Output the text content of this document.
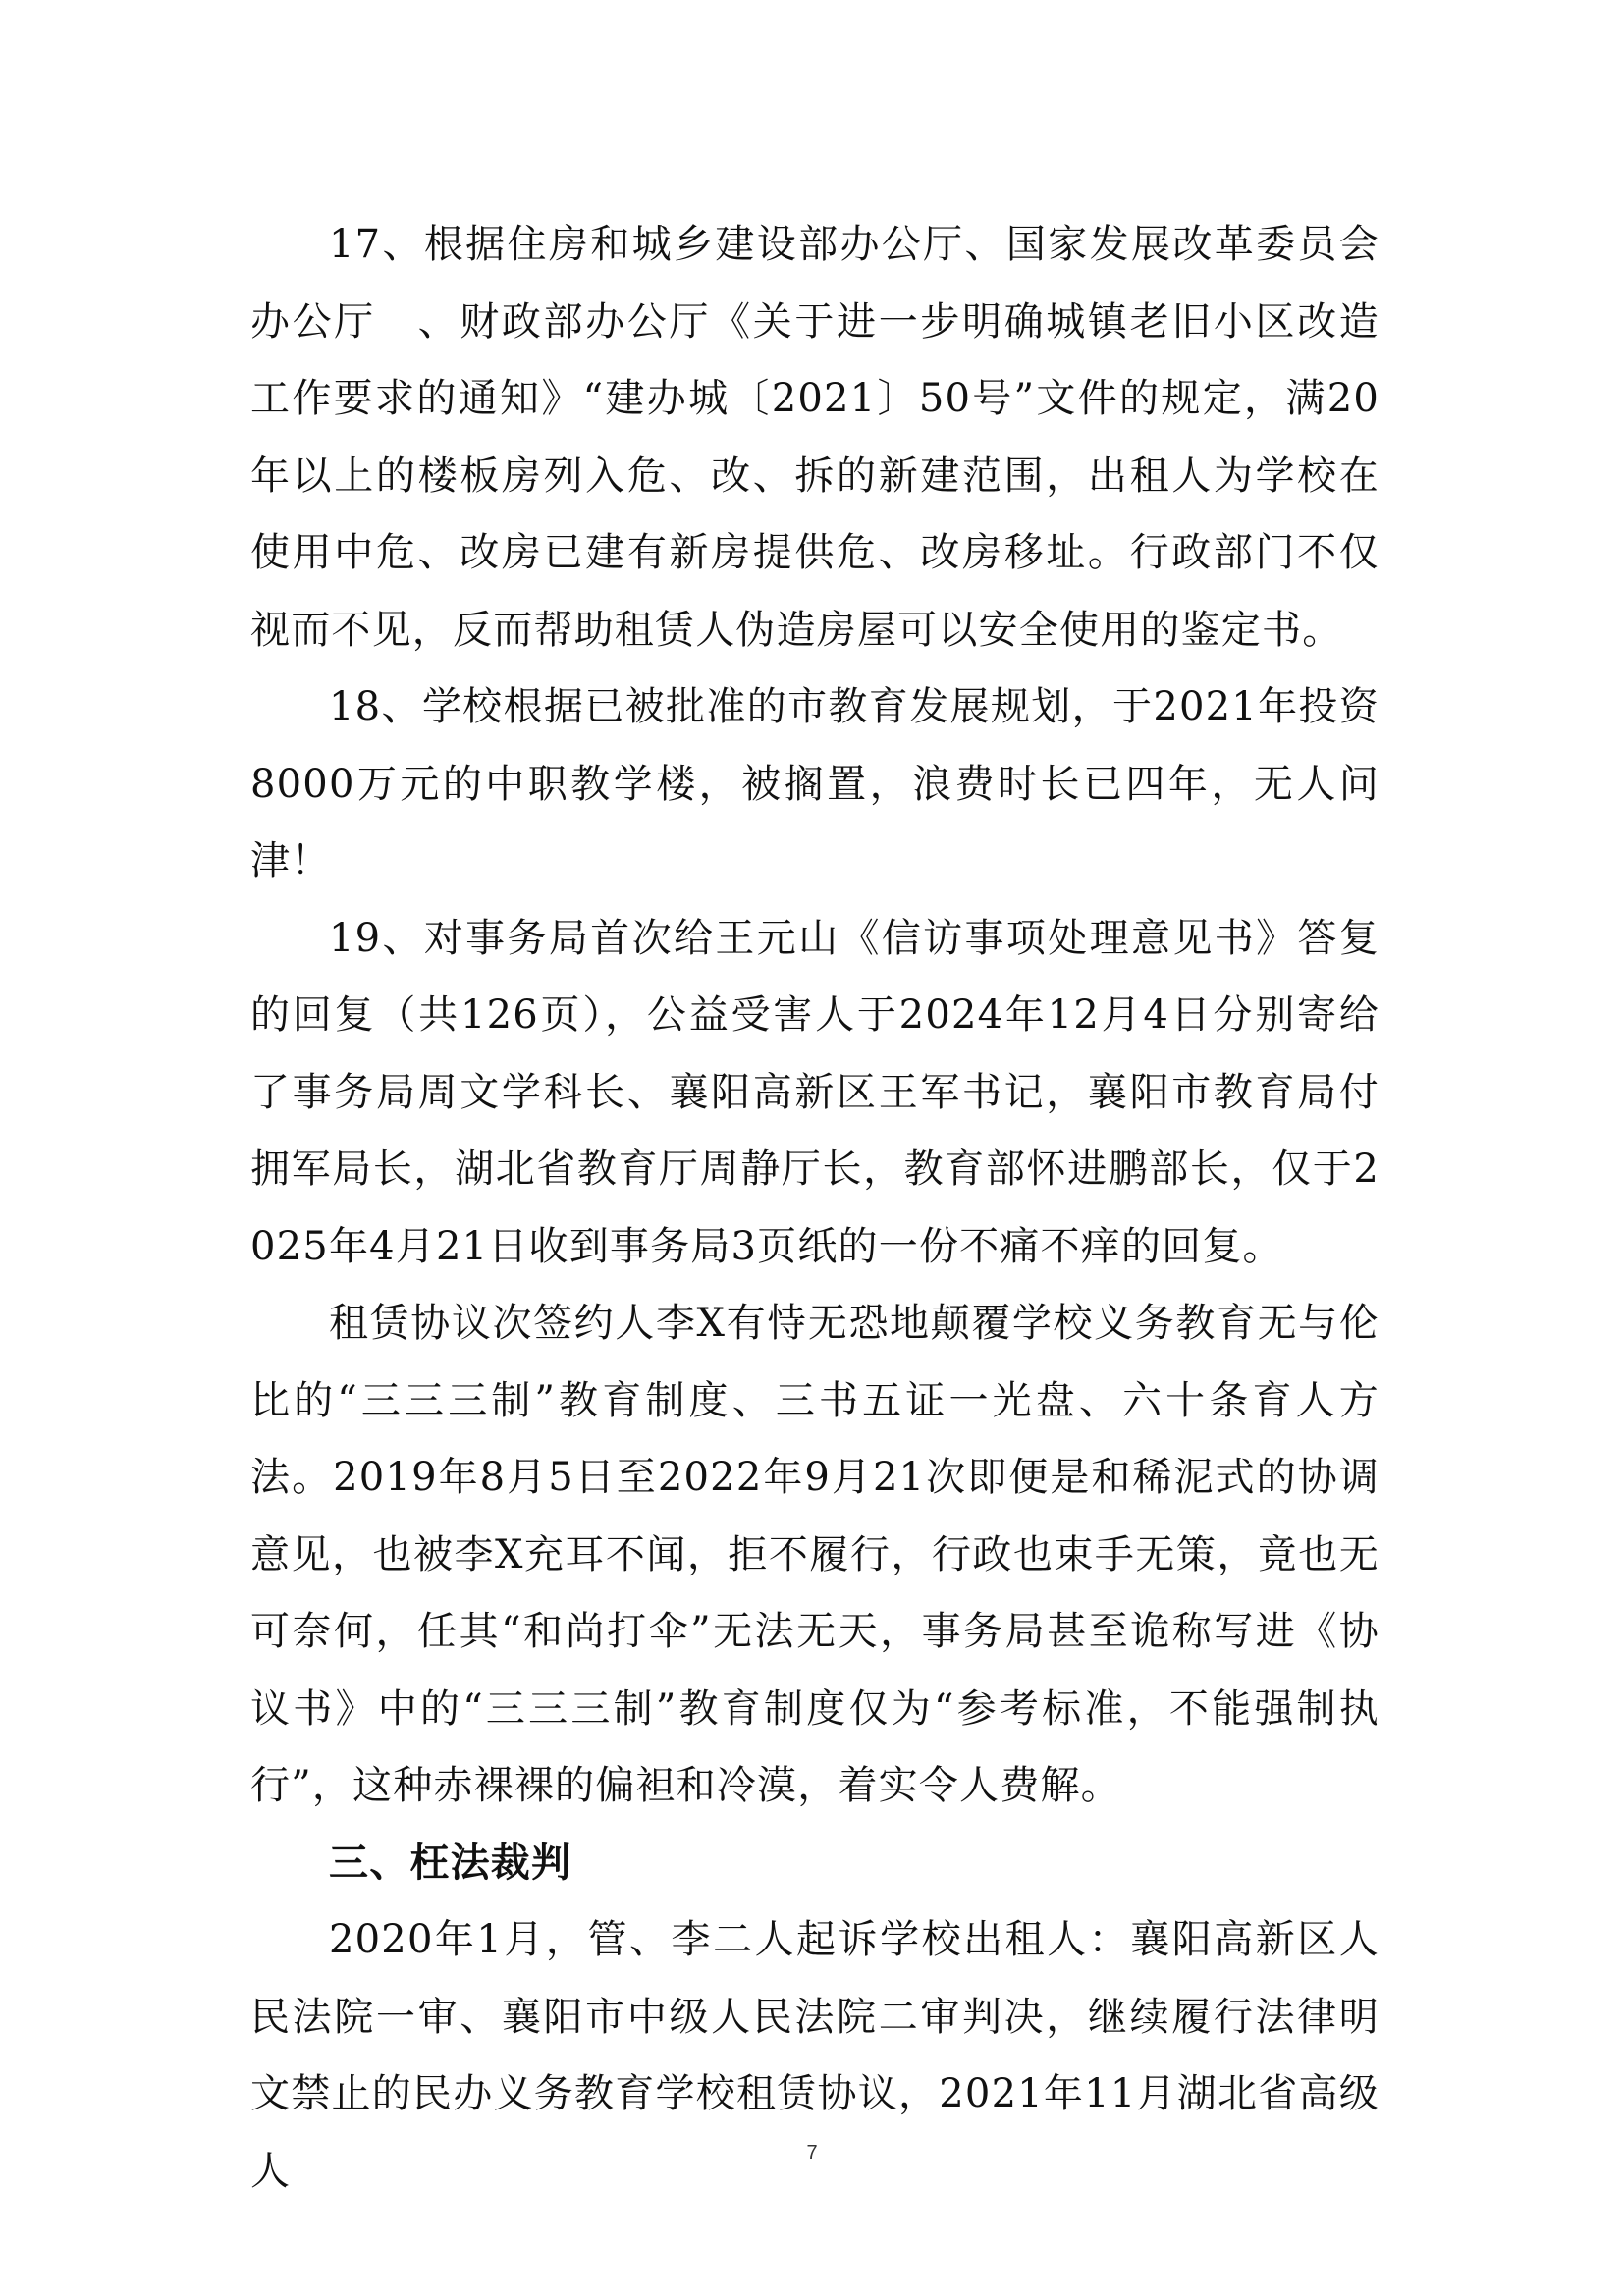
17、根据住房和城乡建设部办公厅、国家发展改革委员会办公厅　、财政部办公厅《关于进一步明确城镇老旧小区改造工作要求的通知》“建办城〔2021〕50号”文件的规定，满20年以上的楼板房列入危、改、拆的新建范围，出租人为学校在使用中危、改房已建有新房提供危、改房移址。行政部门不仅视而不见，反而帮助租赁人伪造房屋可以安全使用的鉴定书。

18、学校根据已被批准的市教育发展规划，于2021年投资8000万元的中职教学楼，被搁置，浪费时长已四年，无人问津！

19、对事务局首次给王元山《信访事项处理意见书》答复的回复（共126页），公益受害人于2024年12月4日分别寄给了事务局周文学科长、襄阳高新区王军书记，襄阳市教育局付拥军局长，湖北省教育厅周静厅长，教育部怀进鹏部长，仅于2025年4月21日收到事务局3页纸的一份不痛不痒的回复。

租赁协议次签约人李X有恃无恐地颠覆学校义务教育无与伦比的“三三三制”教育制度、三书五证一光盘、六十条育人方法。2019年8月5日至2022年9月21次即便是和稀泥式的协调意见，也被李X充耳不闻，拒不履行，行政也束手无策，竟也无可奈何，任其“和尚打伞”无法无天，事务局甚至诡称写进《协议书》中的“三三三制”教育制度仅为“参考标准，不能强制执行”，这种赤裸裸的偏袒和冷漠，着实令人费解。

三、枉法裁判

2020年1月，管、李二人起诉学校出租人：襄阳高新区人民法院一审、襄阳市中级人民法院二审判决，继续履行法律明文禁止的民办义务教育学校租赁协议，2021年11月湖北省高级人	7
